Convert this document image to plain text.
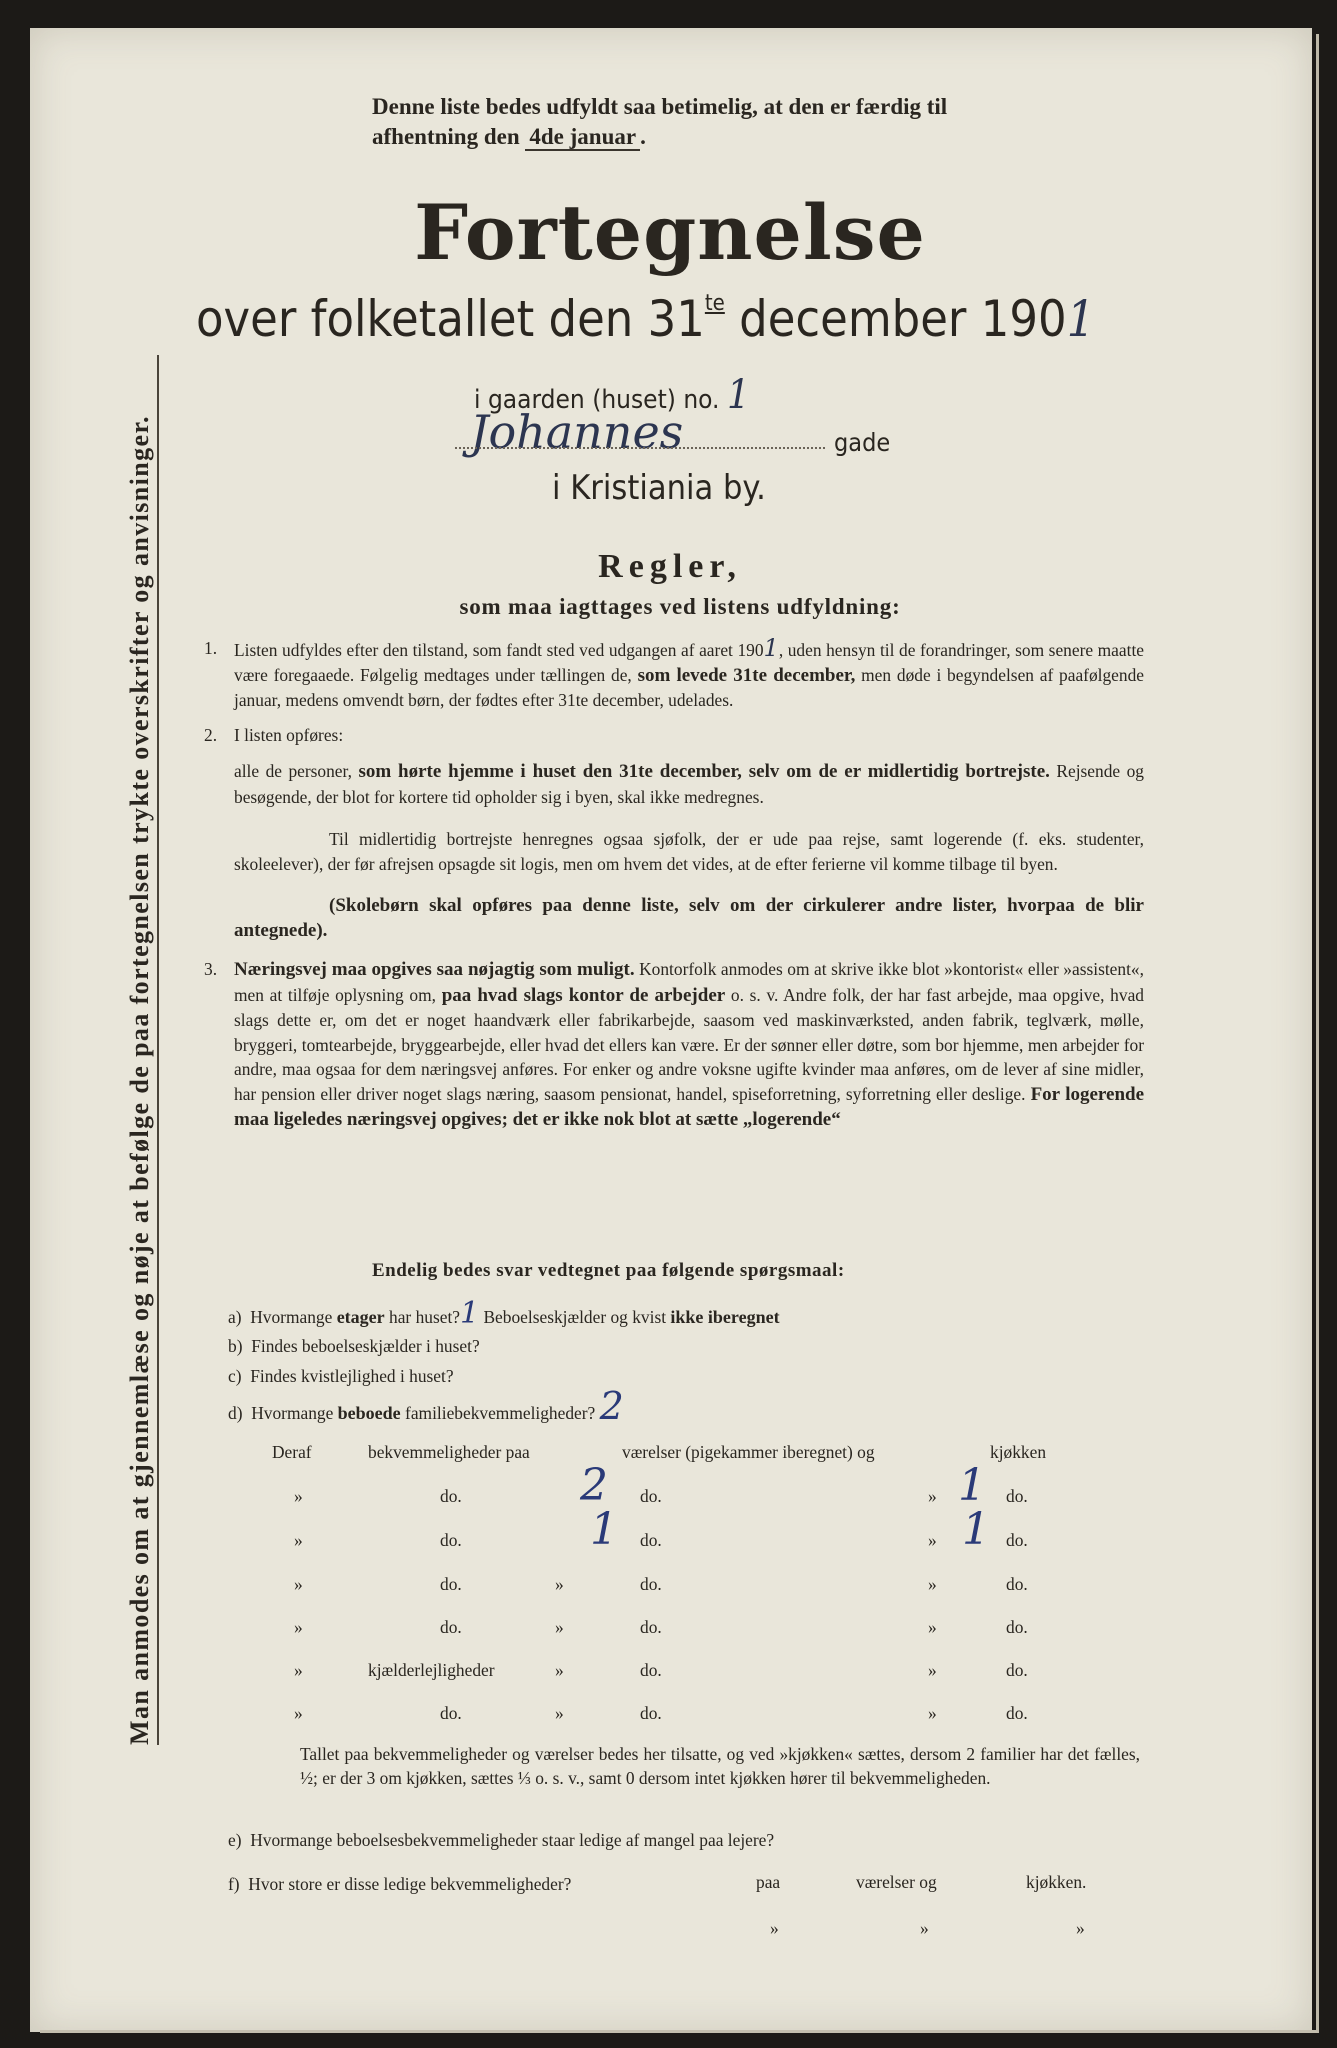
Man anmodes om at gjennemlæse og nøje at befølge de paa fortegnelsen trykte overskrifter og anvisninger.
Denne liste bedes udfyldt saa betimelig, at den er færdig til
afhentning den 4de januar .
Fortegnelse
over folketallet den $31^{te}$ december 1901
i gaarden (huset) no. 1
Johannes	gade
i Kristiania by.
Regler,
som maa iagttages ved listens udfyldning:
1. Listen udfyldes efter den tilstand, som fandt sted ved udgangen af aaret 1901, uden hensyn til de forandringer, som senere maatte være foregaaede. Følgelig medtages under tællingen de, som levede 31te december, men døde i begyndelsen af paafølgende januar, medens omvendt børn, der fødtes efter 31te december, udelades.

2. I listen opføres:

alle de personer, som hørte hjemme i huset den 31te december, selv om de er midlertidig bortrejste. Rejsende og besøgende, der blot for kortere tid opholder sig i byen, skal ikke medregnes.

Til midlertidig bortrejste henregnes ogsaa sjøfolk, der er ude paa rejse, samt logerende (f. eks. studenter, skoleelever), der før afrejsen opsagde sit logis, men om hvem det vides, at de efter ferierne vil komme tilbage til byen.

(Skolebørn skal opføres paa denne liste, selv om der cirkulerer andre lister, hvorpaa de blir antegnede).

3. Næringsvej maa opgives saa nøjagtig som muligt. Kontorfolk anmodes om at skrive ikke blot »kontorist« eller »assistent«, men at tilføje oplysning om, paa hvad slags kontor de arbejder o. s. v. Andre folk, der har fast arbejde, maa opgive, hvad slags dette er, om det er noget haandværk eller fabrikarbejde, saasom ved maskinværksted, anden fabrik, teglværk, mølle, bryggeri, tomtearbejde, bryggearbejde, eller hvad det ellers kan være. Er der sønner eller døtre, som bor hjemme, men arbejder for andre, maa ogsaa for dem næringsvej anføres. For enker og andre voksne ugifte kvinder maa anføres, om de lever af sine midler, har pension eller driver noget slags næring, saasom pensionat, handel, spiseforretning, syforretning eller deslige. For logerende maa ligeledes næringsvej opgives; det er ikke nok blot at sætte „logerende“

Endelig bedes svar vedtegnet paa følgende spørgsmaal:
a) Hvormange etager har huset?1 Beboelseskjælder og kvist ikke iberegnet
b) Findes beboelseskjælder i huset?
c) Findes kvistlejlighed i huset?
d) Hvormange beboede familiebekvemmeligheder? 2
Deraf	bekvemmeligheder paa	værelser (pigekammer iberegnet) og	kjøkken
»	do.	2 do.	» 1 do.
»	do.	1 do.	» 1 do.
»	do.	»	do.	»	do.
»	do.	»	do.	»	do.
»	kjælderlejligheder	»	do.	»	do.
»	do.	»	do.	»	do.
Tallet paa bekvemmeligheder og værelser bedes her tilsatte, og ved »kjøkken« sættes, dersom 2 familier har det fælles, ½; er der 3 om kjøkken, sættes ⅓ o. s. v., samt 0 dersom intet kjøkken hører til bekvemmeligheden.
e) Hvormange beboelsesbekvemmeligheder staar ledige af mangel paa lejere?
f) Hvor store er disse ledige bekvemmeligheder?	paa	værelser og	kjøkken.
»	»	»
